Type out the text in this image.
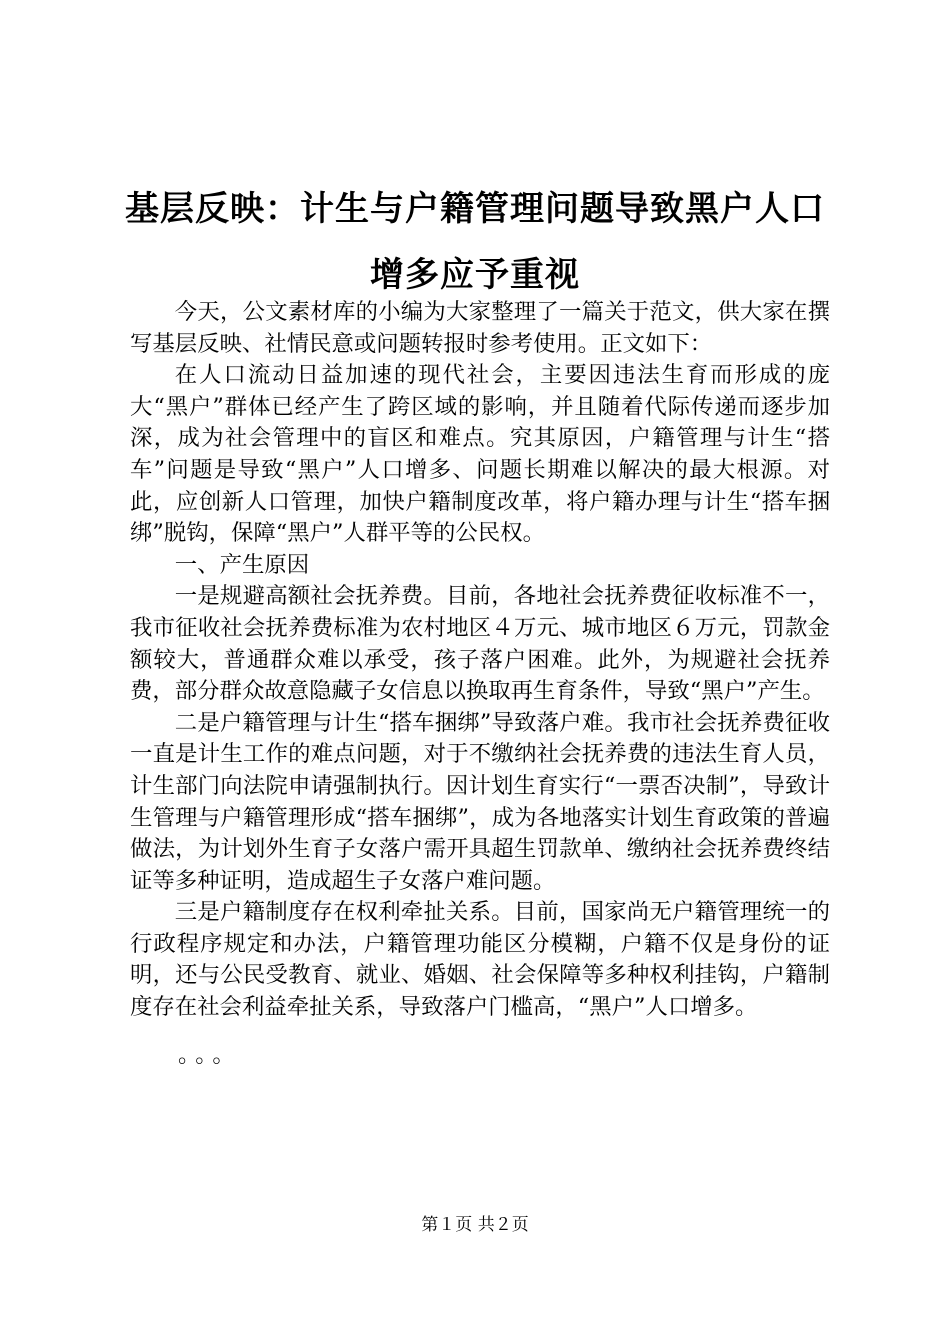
基层反映：计生与户籍管理问题导致黑户人口
增多应予重视

今天，公文素材库的小编为大家整理了一篇关于范文，供大家在撰写基层反映、社情民意或问题转报时参考使用。正文如下：

在人口流动日益加速的现代社会，主要因违法生育而形成的庞大“黑户”群体已经产生了跨区域的影响，并且随着代际传递而逐步加深，成为社会管理中的盲区和难点。究其原因，户籍管理与计生“搭车”问题是导致“黑户”人口增多、问题长期难以解决的最大根源。对此，应创新人口管理，加快户籍制度改革，将户籍办理与计生“搭车捆绑”脱钩，保障“黑户”人群平等的公民权。

一、产生原因

一是规避高额社会抚养费。目前，各地社会抚养费征收标准不一，我市征收社会抚养费标准为农村地区４万元、城市地区６万元，罚款金额较大，普通群众难以承受，孩子落户困难。此外，为规避社会抚养费，部分群众故意隐藏子女信息以换取再生育条件，导致“黑户”产生。

二是户籍管理与计生“搭车捆绑”导致落户难。我市社会抚养费征收一直是计生工作的难点问题，对于不缴纳社会抚养费的违法生育人员，计生部门向法院申请强制执行。因计划生育实行“一票否决制”，导致计生管理与户籍管理形成“搭车捆绑”，成为各地落实计划生育政策的普遍做法，为计划外生育子女落户需开具超生罚款单、缴纳社会抚养费终结证等多种证明，造成超生子女落户难问题。

三是户籍制度存在权利牵扯关系。目前，国家尚无户籍管理统一的行政程序规定和办法，户籍管理功能区分模糊，户籍不仅是身份的证明，还与公民受教育、就业、婚姻、社会保障等多种权利挂钩，户籍制度存在社会利益牵扯关系，导致落户门槛高，“黑户”人口增多。

。。。
第１页 共２页
